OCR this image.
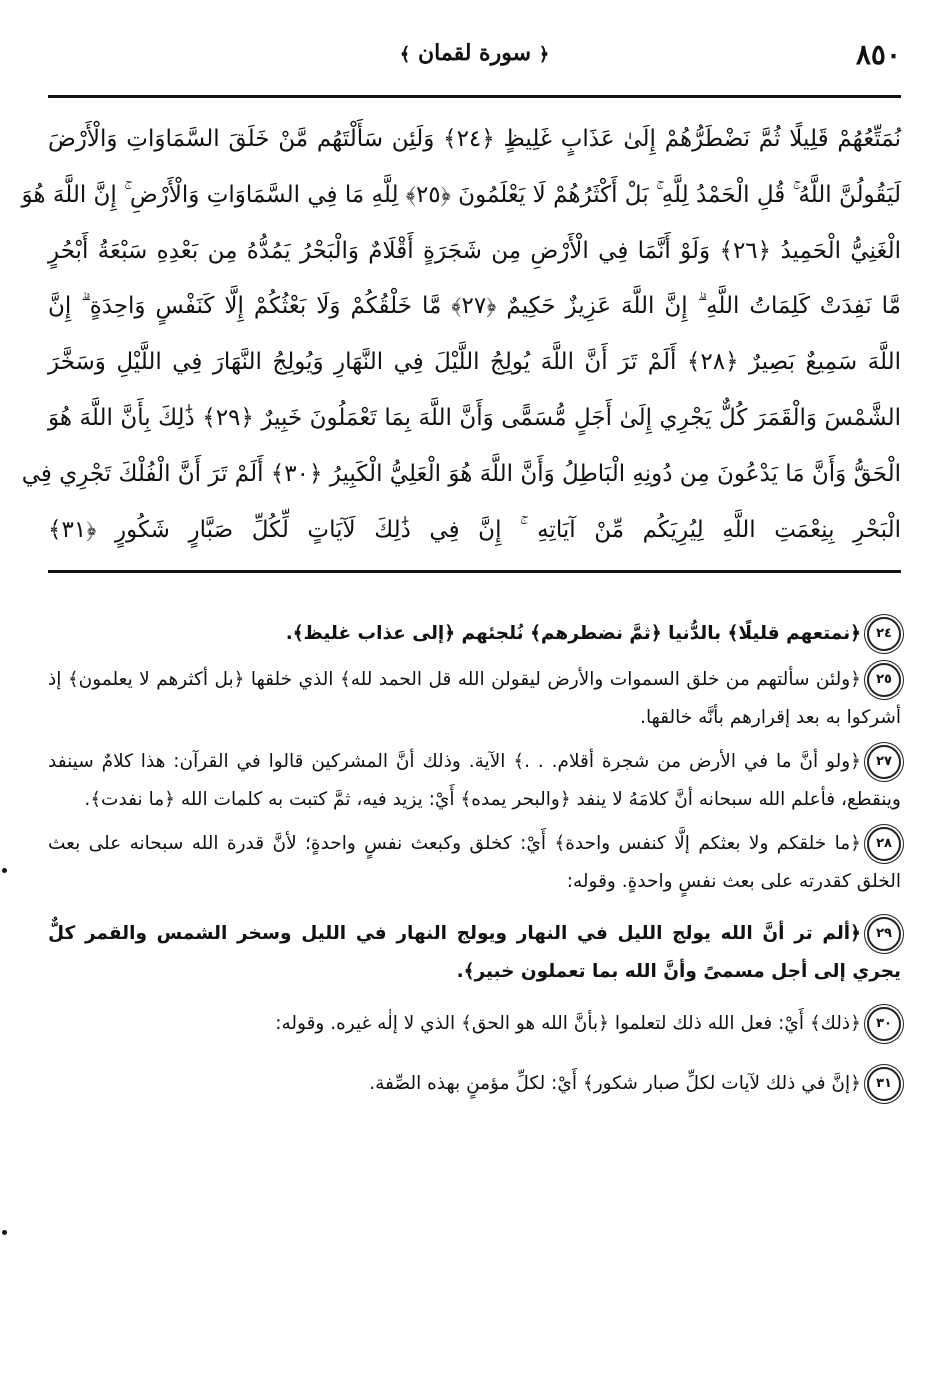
٨٥٠
﴿ سورة لقمان ﴾
نُمَتِّعُهُمْ قَلِيلًا ثُمَّ نَضْطَرُّهُمْ إِلَىٰ عَذَابٍ غَلِيظٍ ﴿٢٤﴾ وَلَئِن سَأَلْتَهُم مَّنْ خَلَقَ السَّمَاوَاتِ وَالْأَرْضَ
لَيَقُولُنَّ اللَّهُ ۚ قُلِ الْحَمْدُ لِلَّهِ ۚ بَلْ أَكْثَرُهُمْ لَا يَعْلَمُونَ ﴿٢٥﴾ لِلَّهِ مَا فِي السَّمَاوَاتِ وَالْأَرْضِ ۚ إِنَّ اللَّهَ هُوَ
الْغَنِيُّ الْحَمِيدُ ﴿٢٦﴾ وَلَوْ أَنَّمَا فِي الْأَرْضِ مِن شَجَرَةٍ أَقْلَامٌ وَالْبَحْرُ يَمُدُّهُ مِن بَعْدِهِ سَبْعَةُ أَبْحُرٍ
مَّا نَفِدَتْ كَلِمَاتُ اللَّهِ ۗ إِنَّ اللَّهَ عَزِيزٌ حَكِيمٌ ﴿٢٧﴾ مَّا خَلْقُكُمْ وَلَا بَعْثُكُمْ إِلَّا كَنَفْسٍ وَاحِدَةٍ ۗ إِنَّ
اللَّهَ سَمِيعٌ بَصِيرٌ ﴿٢٨﴾ أَلَمْ تَرَ أَنَّ اللَّهَ يُولِجُ اللَّيْلَ فِي النَّهَارِ وَيُولِجُ النَّهَارَ فِي اللَّيْلِ وَسَخَّرَ
الشَّمْسَ وَالْقَمَرَ كُلٌّ يَجْرِي إِلَىٰ أَجَلٍ مُّسَمًّى وَأَنَّ اللَّهَ بِمَا تَعْمَلُونَ خَبِيرٌ ﴿٢٩﴾ ذَٰلِكَ بِأَنَّ اللَّهَ هُوَ
الْحَقُّ وَأَنَّ مَا يَدْعُونَ مِن دُونِهِ الْبَاطِلُ وَأَنَّ اللَّهَ هُوَ الْعَلِيُّ الْكَبِيرُ ﴿٣٠﴾ أَلَمْ تَرَ أَنَّ الْفُلْكَ تَجْرِي فِي
الْبَحْرِ بِنِعْمَتِ اللَّهِ لِيُرِيَكُم مِّنْ آيَاتِهِ ۚ إِنَّ فِي ذَٰلِكَ لَآيَاتٍ لِّكُلِّ صَبَّارٍ شَكُورٍ ﴿٣١﴾
٢٤﴿نمتعهم قليلًا﴾ بالدُّنيا ﴿ثمَّ نضطرهم﴾ نُلجئهم ﴿إلى عذاب غليظ﴾.
٢٥﴿ولئن سألتهم من خلق السموات والأرض ليقولن الله قل الحمد لله﴾ الذي خلقها ﴿بل أكثرهم لا يعلمون﴾ إذ أشركوا به بعد إقرارهم بأنَّه خالقها.
٢٧﴿ولو أنَّ ما في الأرض من شجرة أقلام. . .﴾ الآية. وذلك أنَّ المشركين قالوا في القرآن: هذا كلامٌ سينفد وينقطع، فأعلم الله سبحانه أنَّ كلامَهُ لا ينفد ﴿والبحر يمده﴾ أَيْ: يزيد فيه، ثمَّ كتبت به كلمات الله ﴿ما نفدت﴾.
٢٨﴿ما خلقكم ولا بعثكم إلَّا كنفس واحدة﴾ أَيْ: كخلق وكبعث نفسٍ واحدةٍ؛ لأنَّ قدرة الله سبحانه على بعث الخلق كقدرته على بعث نفسٍ واحدةٍ. وقوله:
٢٩﴿ألم تر أنَّ الله يولج الليل في النهار ويولج النهار في الليل وسخر الشمس والقمر كلٌّ يجري إلى أجل مسمىً وأنَّ الله بما تعملون خبير﴾.
٣٠﴿ذلك﴾ أَيْ: فعل الله ذلك لتعلموا ﴿بأنَّ الله هو الحق﴾ الذي لا إلٰه غيره. وقوله:
٣١﴿إنَّ في ذلك لآيات لكلِّ صبار شكور﴾ أَيْ: لكلِّ مؤمنٍ بهذه الصِّفة.
